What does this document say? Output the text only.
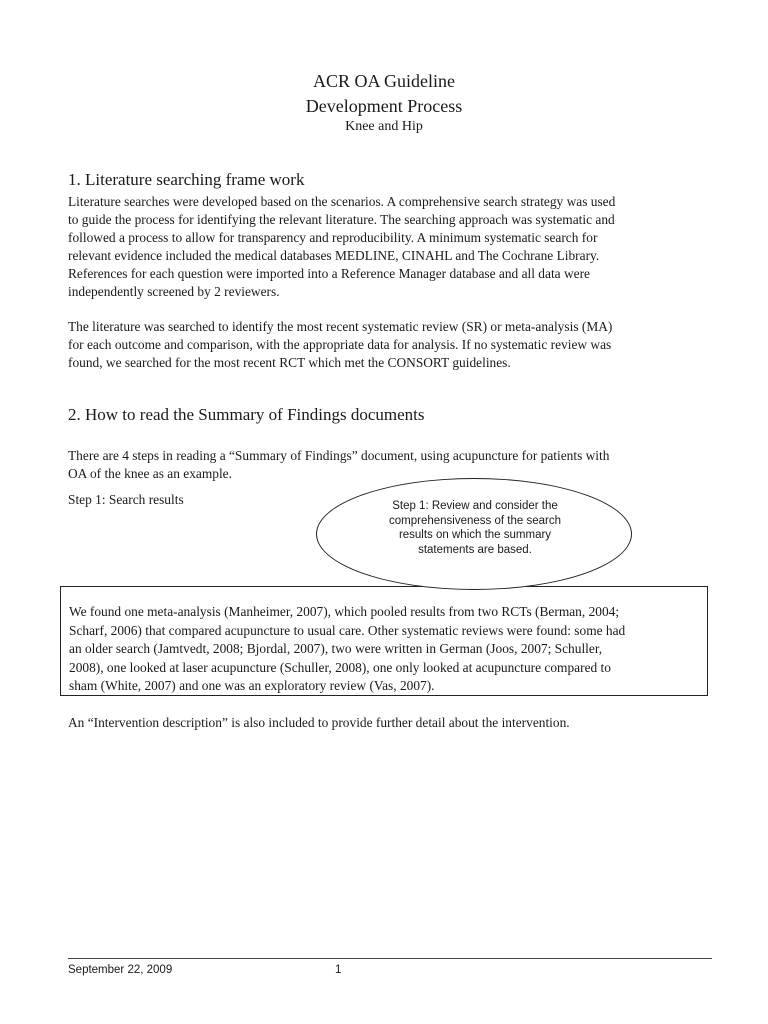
ACR OA Guideline
Development Process
Knee and Hip
1. Literature searching frame work
Literature searches were developed based on the scenarios. A comprehensive search strategy was used
to guide the process for identifying the relevant literature. The searching approach was systematic and
followed a process to allow for transparency and reproducibility. A minimum systematic search for
relevant evidence included the medical databases MEDLINE, CINAHL and The Cochrane Library.
References for each question were imported into a Reference Manager database and all data were
independently screened by 2 reviewers.
The literature was searched to identify the most recent systematic review (SR) or meta-analysis (MA)
for each outcome and comparison, with the appropriate data for analysis. If no systematic review was
found, we searched for the most recent RCT which met the CONSORT guidelines.
2. How to read the Summary of Findings documents
There are 4 steps in reading a “Summary of Findings” document, using acupuncture for patients with
OA of the knee as an example.
Step 1: Search results
We found one meta-analysis (Manheimer, 2007), which pooled results from two RCTs (Berman, 2004;
Scharf, 2006) that compared acupuncture to usual care. Other systematic reviews were found: some had
an older search (Jamtvedt, 2008; Bjordal, 2007), two were written in German (Joos, 2007; Schuller,
2008), one looked at laser acupuncture (Schuller, 2008), one only looked at acupuncture compared to
sham (White, 2007) and one was an exploratory review (Vas, 2007).
Step 1: Review and consider the
comprehensiveness of the search
results on which the summary
statements are based.
An “Intervention description” is also included to provide further detail about the intervention.
September 22, 2009	1
